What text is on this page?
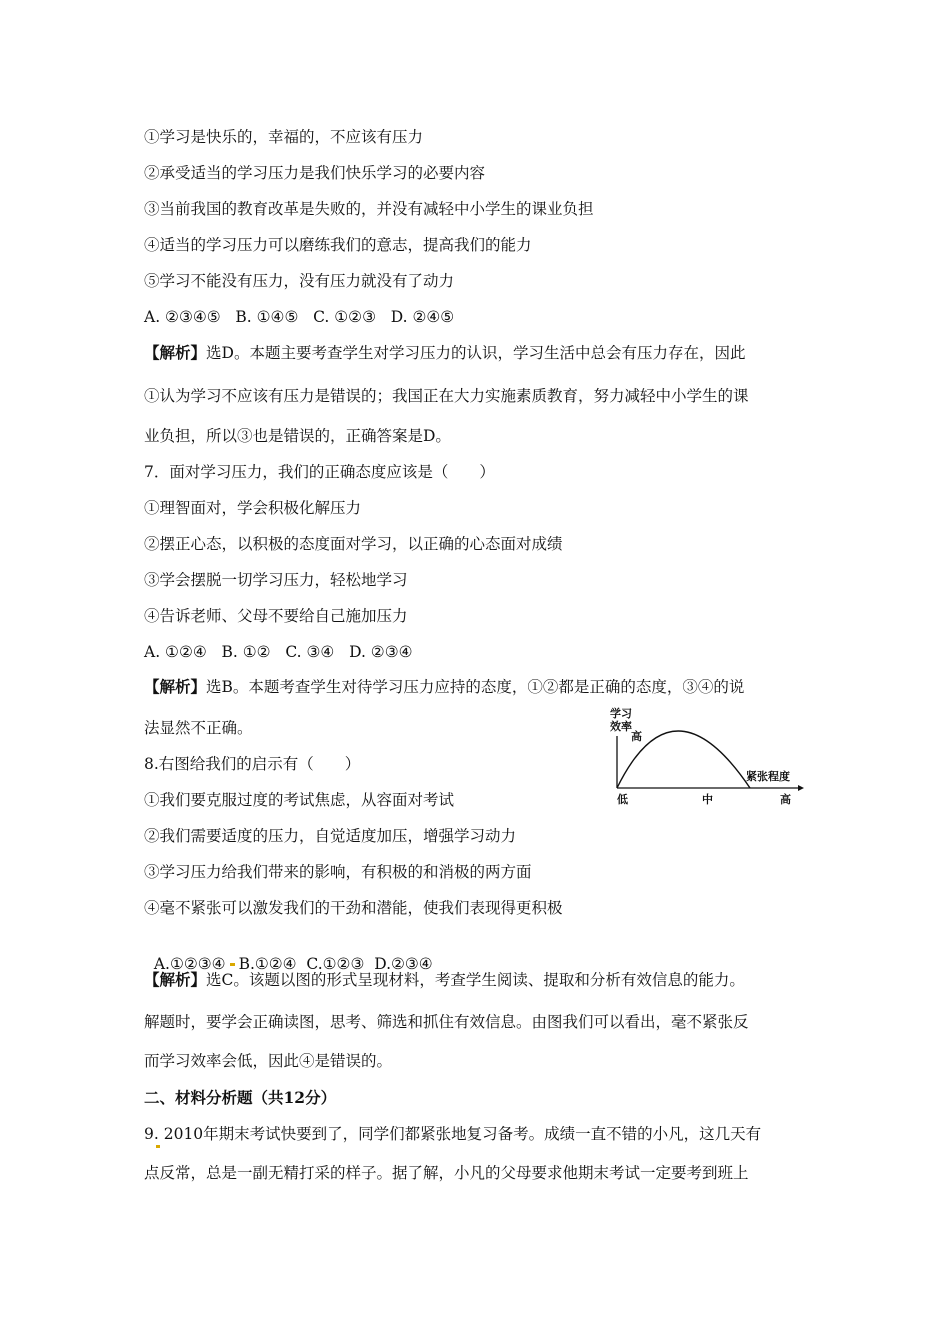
①学习是快乐的，幸福的，不应该有压力
②承受适当的学习压力是我们快乐学习的必要内容
③当前我国的教育改革是失败的，并没有减轻中小学生的课业负担
④适当的学习压力可以磨练我们的意志，提高我们的能力
⑤学习不能没有压力，没有压力就没有了动力
A. ②③④⑤   B. ①④⑤   C. ①②③   D. ②④⑤
【解析】选D。本题主要考查学生对学习压力的认识，学习生活中总会有压力存在，因此
①认为学习不应该有压力是错误的；我国正在大力实施素质教育，努力减轻中小学生的课
业负担，所以③也是错误的，正确答案是D。
7．面对学习压力，我们的正确态度应该是（　　）
①理智面对，学会积极化解压力
②摆正心态，以积极的态度面对学习，以正确的心态面对成绩
③学会摆脱一切学习压力，轻松地学习
④告诉老师、父母不要给自己施加压力
A. ①②④   B. ①②   C. ③④   D. ②③④
【解析】选B。本题考查学生对待学习压力应持的态度，①②都是正确的态度，③④的说
法显然不正确。
8.右图给我们的启示有（　　）
①我们要克服过度的考试焦虑，从容面对考试
②我们需要适度的压力，自觉适度加压，增强学习动力
③学习压力给我们带来的影响，有积极的和消极的两方面
④毫不紧张可以激发我们的干劲和潜能，使我们表现得更积极

A.①②③④ B.①②④  C.①②③  D.②③④

【解析】选C。该题以图的形式呈现材料，考查学生阅读、提取和分析有效信息的能力。
解题时，要学会正确读图，思考、筛选和抓住有效信息。由图我们可以看出，毫不紧张反
而学习效率会低，因此④是错误的。
学习
效率
高
紧张程度
低	中	高
二、材料分析题（共12分）
9. 2010年期末考试快要到了，同学们都紧张地复习备考。成绩一直不错的小凡，这几天有
点反常，总是一副无精打采的样子。据了解，小凡的父母要求他期末考试一定要考到班上
